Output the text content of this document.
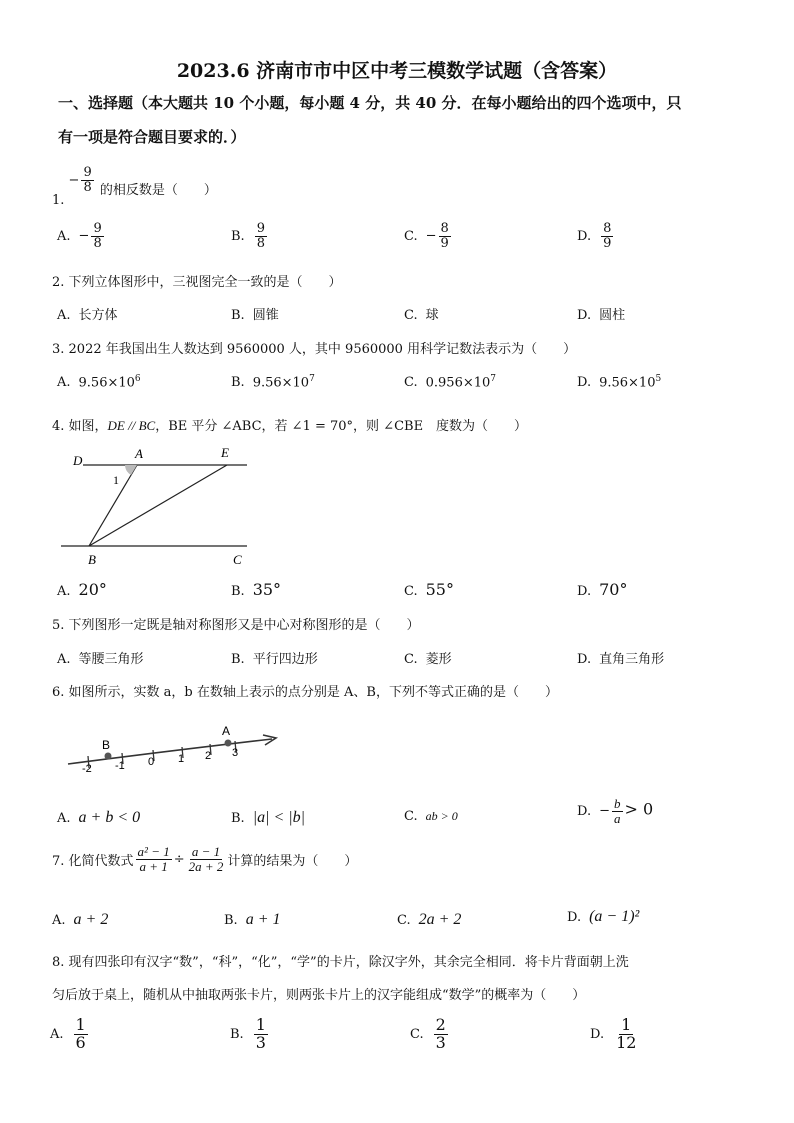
2023.6 济南市市中区中考三模数学试题（含答案）
一、选择题（本大题共 10 个小题，每小题 4 分，共 40 分．在每小题给出的四个选项中，只
有一项是符合题目要求的．）
1.
− $\frac{9}{8}$ 的相反数是（　　）
A. − $\frac{9}{8}$	B. $\frac{9}{8}$	C. − $\frac{8}{9}$	D. $\frac{8}{9}$
2. 下列立体图形中，三视图完全一致的是（　　）
A. 长方体	B. 圆锥	C. 球	D. 圆柱
3. 2022 年我国出生人数达到 9560000 人，其中 9560000 用科学记数法表示为（　　）
A. $9.56\times 10^6$	B. $9.56\times 10^7$	C. $0.956\times 10^7$	D. $9.56\times 10^5$
4. 如图，DE // BC，BE 平分 ∠ABC，若 ∠1 = 70°，则 ∠CBE　度数为（　　）
D	A	E
1
B	C
A. 20°	B. 35°	C. 55°	D. 70°
5. 下列图形一定既是轴对称图形又是中心对称图形的是（　　）
A. 等腰三角形	B. 平行四边形	C. 菱形	D. 直角三角形
6. 如图所示，实数 a，b 在数轴上表示的点分别是 A、B，下列不等式正确的是（　　）
B
A
-2 -1 0 1 2 3
A. a + b < 0	B. |a| < |b|	C. ab > 0	D. − $\frac{b}{a} > 0$
7. 化简代数式 $\frac{\text{a² − 1}}{a + 1} \div \frac{a - 1}{2a + 2}$ 计算的结果为（　　）
A. a + 2	B. a + 1	C. 2a + 2	D. (a − 1)²
8. 现有四张印有汉字“数”，“科”，“化”，“学”的卡片，除汉字外，其余完全相同．将卡片背面朝上洗
匀后放于桌上，随机从中抽取两张卡片，则两张卡片上的汉字能组成“数学”的概率为（　　）
A. $\frac{1}{6}$	B. $\frac{1}{3}$	C. $\frac{2}{3}$	D. $\frac{1}{12}$
